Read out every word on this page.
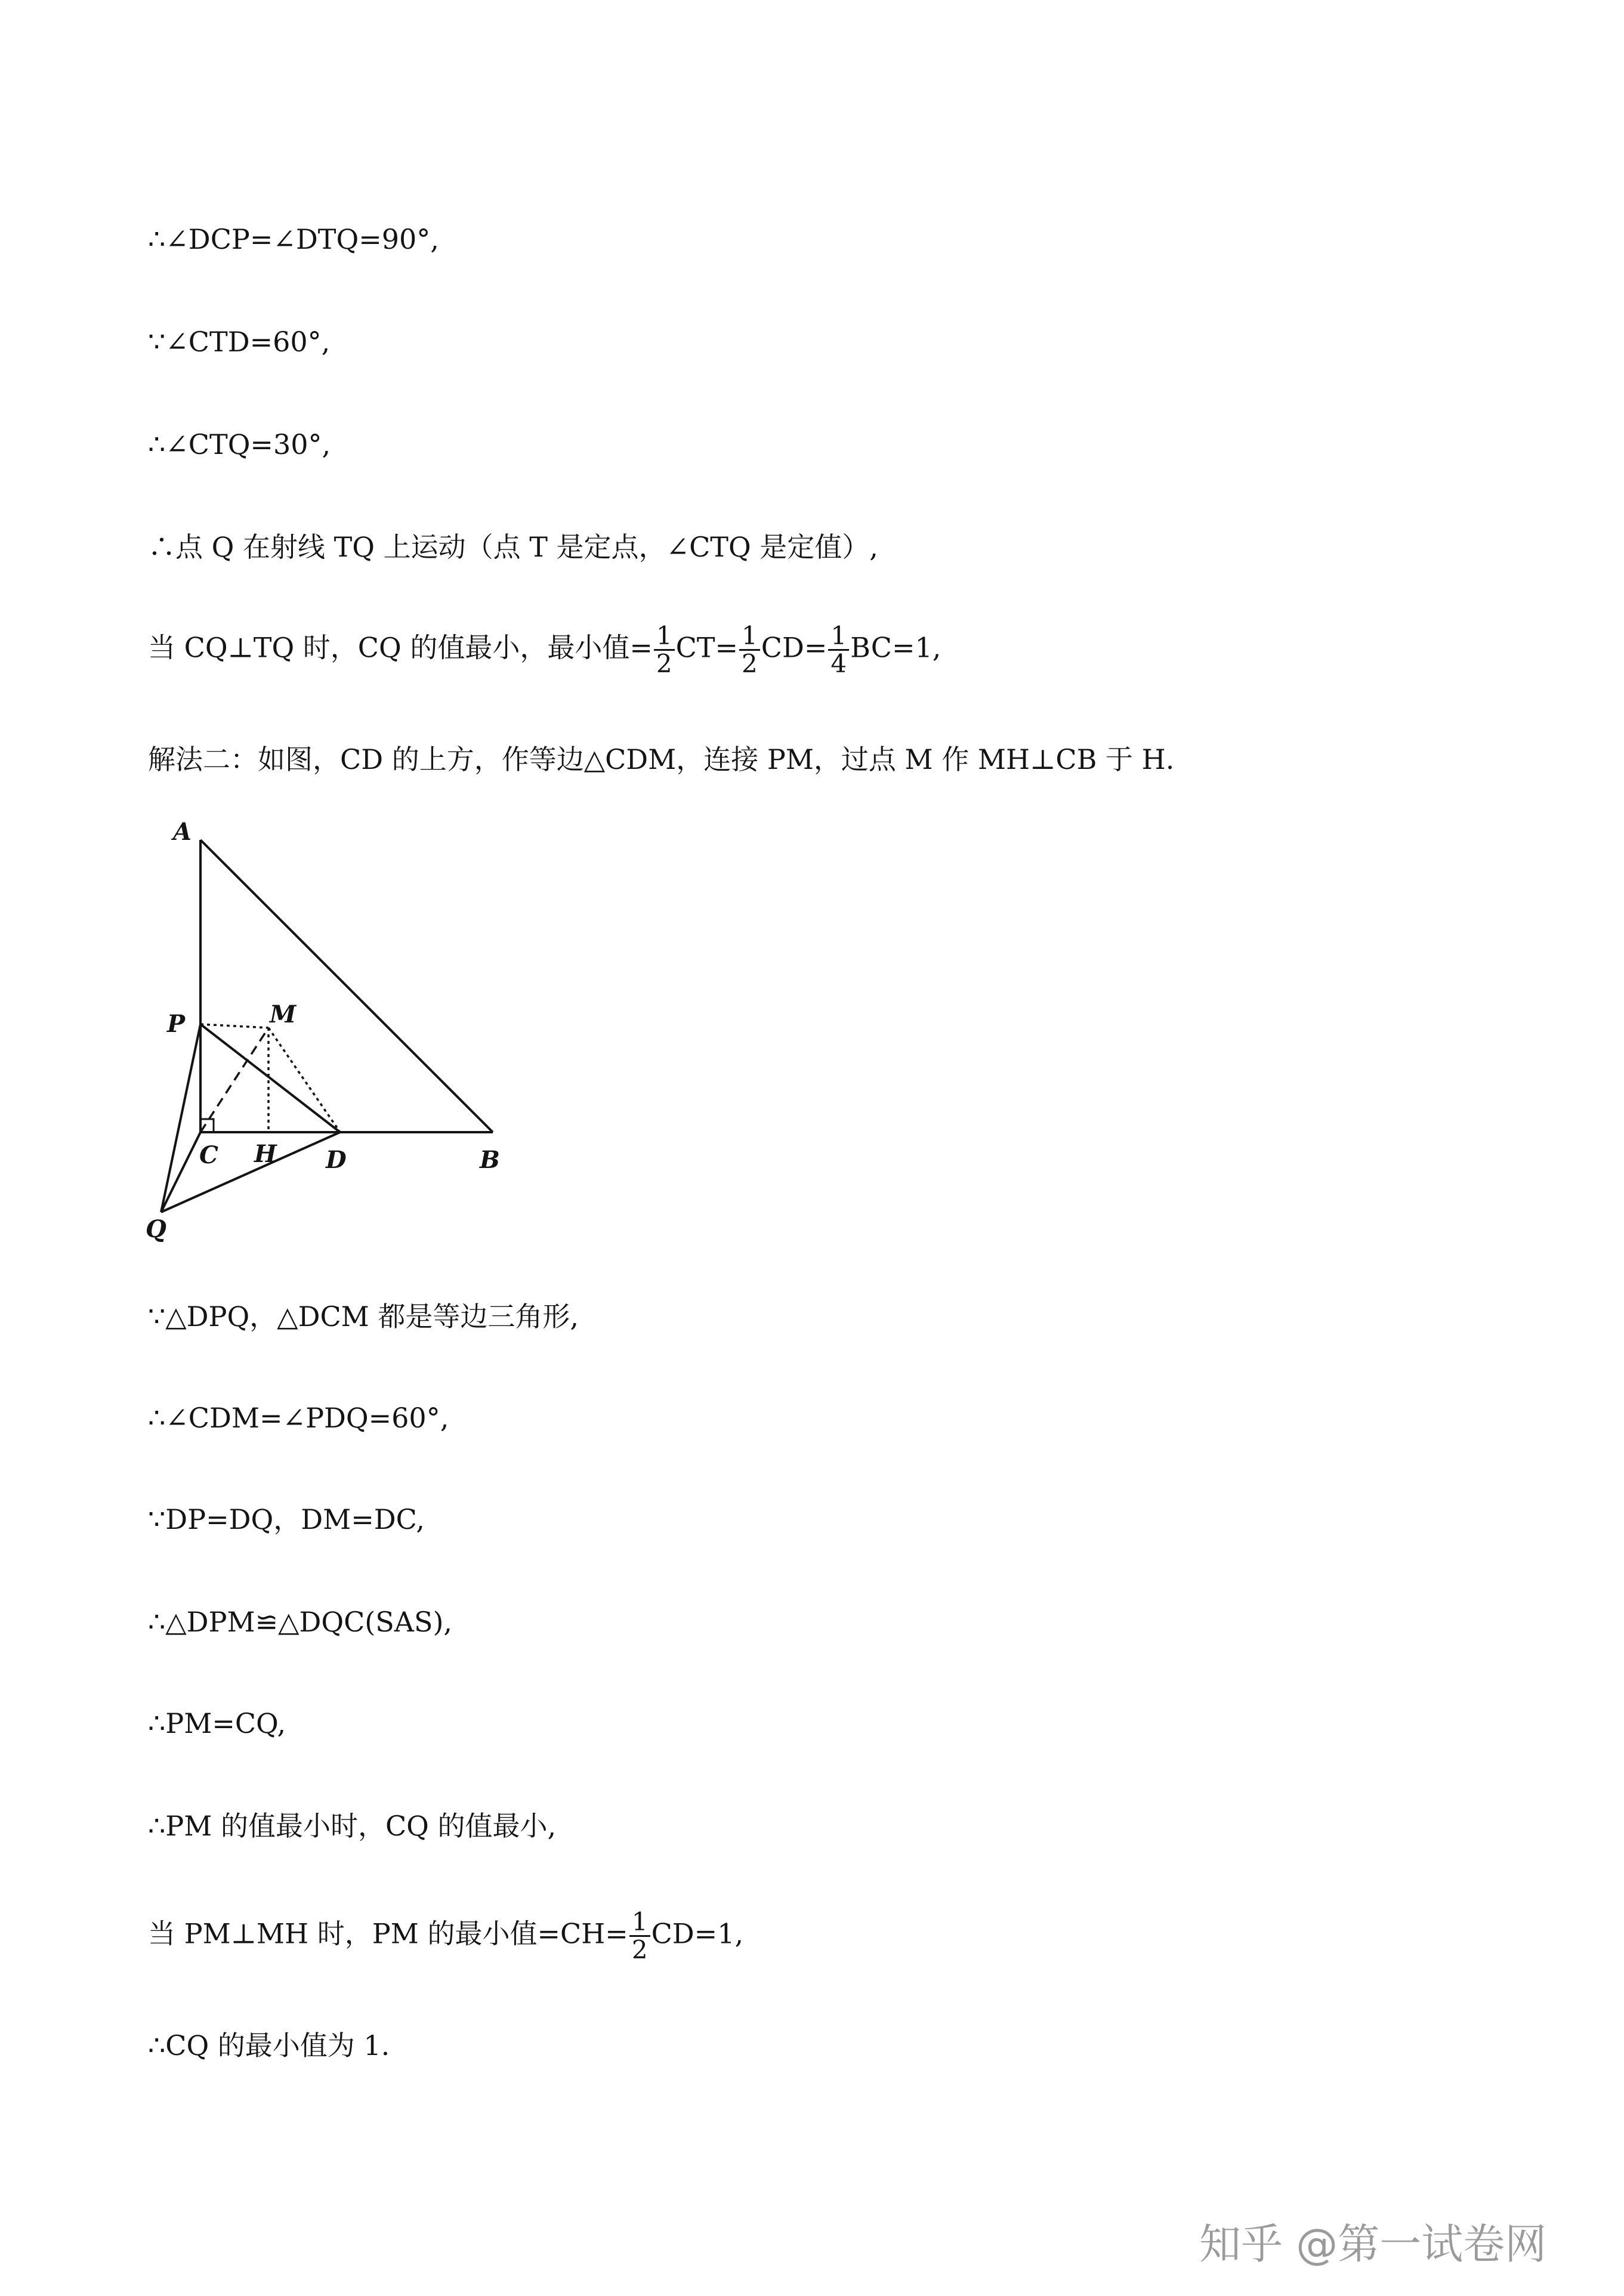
∴∠DCP=∠DTQ=90°,
∵∠CTD=60°,
∴∠CTQ=30°,
∴点 Q 在射线 TQ 上运动（点 T 是定点，∠CTQ 是定值）,
当 CQ⊥TQ 时，CQ 的值最小，最小值= $\frac{1}{2} CT= \frac{1}{2} CD= \frac{1}{4} BC=1$,
解法二：如图，CD 的上方，作等边△CDM，连接 PM，过点 M 作 MH⊥CB 于 H.
A
P	M
C H D	B
Q
∵△DPQ，△DCM 都是等边三角形,
∴∠CDM=∠PDQ=60°,
∵DP=DQ，DM=DC,
∴△DPM≌△DQC(SAS),
∴PM=CQ,
∴PM 的值最小时，CQ 的值最小,
当 PM⊥MH 时，PM 的最小值$=CH= \frac{1}{2} CD=1$,
∴CQ 的最小值为 1.
知乎 @第一试卷网
